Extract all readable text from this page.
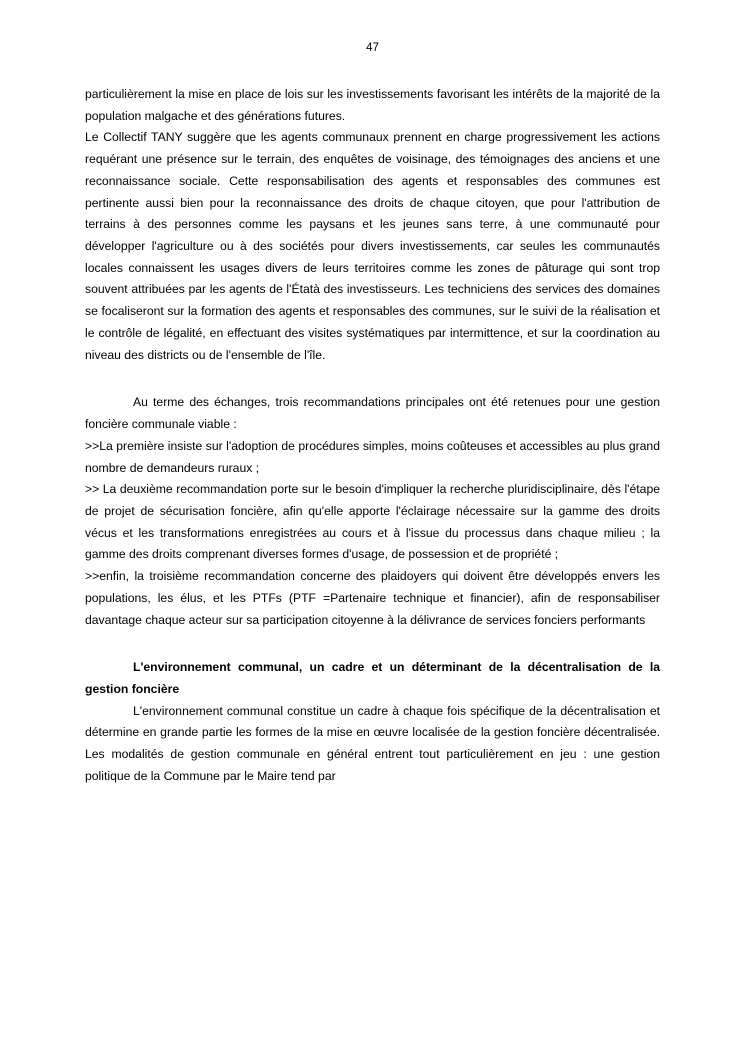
47

particulièrement la mise en place de lois sur les investissements favorisant les intérêts de la majorité de la population malgache et des générations futures.

Le Collectif TANY suggère que les agents communaux prennent en charge progressivement les actions requérant une présence sur le terrain, des enquêtes de voisinage, des témoignages des anciens et une reconnaissance sociale. Cette responsabilisation des agents et responsables des communes est pertinente aussi bien pour la reconnaissance des droits de chaque citoyen, que pour l'attribution de terrains à des personnes comme les paysans et les jeunes sans terre, à une communauté pour développer l'agriculture ou à des sociétés pour divers investissements, car seules les communautés locales connaissent les usages divers de leurs territoires comme les zones de pâturage qui sont trop souvent attribuées par les agents de l'Étatà des investisseurs. Les techniciens des services des domaines se focaliseront sur la formation des agents et responsables des communes, sur le suivi de la réalisation et le contrôle de légalité, en effectuant des visites systématiques par intermittence, et sur la coordination au niveau des districts ou de l'ensemble de l'île.

Au terme des échanges, trois recommandations principales ont été retenues pour une gestion foncière communale viable :

>>La première insiste sur l'adoption de procédures simples, moins coûteuses et accessibles au plus grand nombre de demandeurs ruraux ;

>> La deuxième recommandation porte sur le besoin d'impliquer la recherche pluridisciplinaire, dès l'étape de projet de sécurisation foncière, afin qu'elle apporte l'éclairage nécessaire sur la gamme des droits vécus et les transformations enregistrées au cours et à l'issue du processus dans chaque milieu ; la gamme des droits comprenant diverses formes d'usage, de possession et de propriété ;

>>enfin, la troisième recommandation concerne des plaidoyers qui doivent être développés envers les populations, les élus, et les PTFs (PTF =Partenaire technique et financier), afin de responsabiliser davantage chaque acteur sur sa participation citoyenne à la délivrance de services fonciers performants

L'environnement communal, un cadre et un déterminant de la décentralisation de la gestion foncière

L'environnement communal constitue un cadre à chaque fois spécifique de la décentralisation et détermine en grande partie les formes de la mise en œuvre localisée de la gestion foncière décentralisée. Les modalités de gestion communale en général entrent tout particulièrement en jeu : une gestion politique de la Commune par le Maire tend par
